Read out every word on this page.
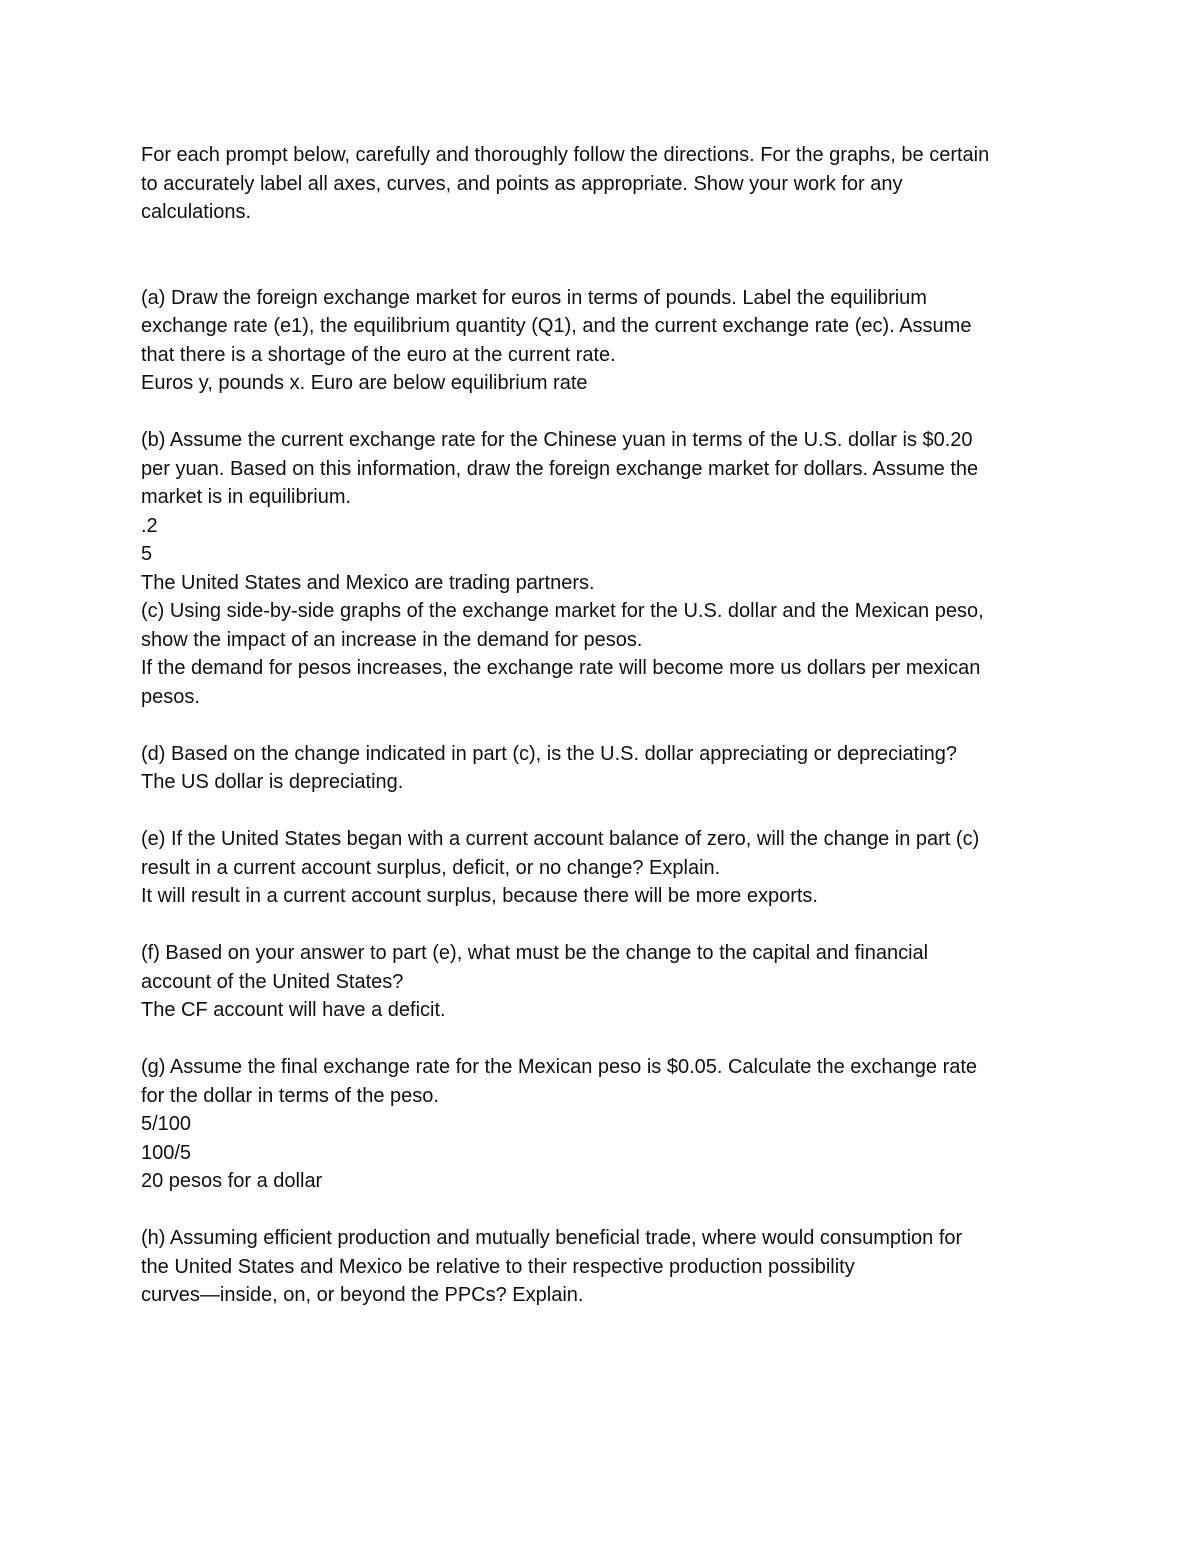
For each prompt below, carefully and thoroughly follow the directions. For the graphs, be certain
to accurately label all axes, curves, and points as appropriate. Show your work for any
calculations.
(a) Draw the foreign exchange market for euros in terms of pounds. Label the equilibrium
exchange rate (e1), the equilibrium quantity (Q1), and the current exchange rate (ec). Assume
that there is a shortage of the euro at the current rate.
Euros y, pounds x. Euro are below equilibrium rate
(b) Assume the current exchange rate for the Chinese yuan in terms of the U.S. dollar is $0.20
per yuan. Based on this information, draw the foreign exchange market for dollars. Assume the
market is in equilibrium.
.2
5
The United States and Mexico are trading partners.
(c) Using side-by-side graphs of the exchange market for the U.S. dollar and the Mexican peso,
show the impact of an increase in the demand for pesos.
If the demand for pesos increases, the exchange rate will become more us dollars per mexican
pesos.
(d) Based on the change indicated in part (c), is the U.S. dollar appreciating or depreciating?
The US dollar is depreciating.
(e) If the United States began with a current account balance of zero, will the change in part (c)
result in a current account surplus, deficit, or no change? Explain.
It will result in a current account surplus, because there will be more exports.
(f) Based on your answer to part (e), what must be the change to the capital and financial
account of the United States?
The CF account will have a deficit.
(g) Assume the final exchange rate for the Mexican peso is $0.05. Calculate the exchange rate
for the dollar in terms of the peso.
5/100
100/5
20 pesos for a dollar
(h) Assuming efficient production and mutually beneficial trade, where would consumption for
the United States and Mexico be relative to their respective production possibility
curves—inside, on, or beyond the PPCs? Explain.
